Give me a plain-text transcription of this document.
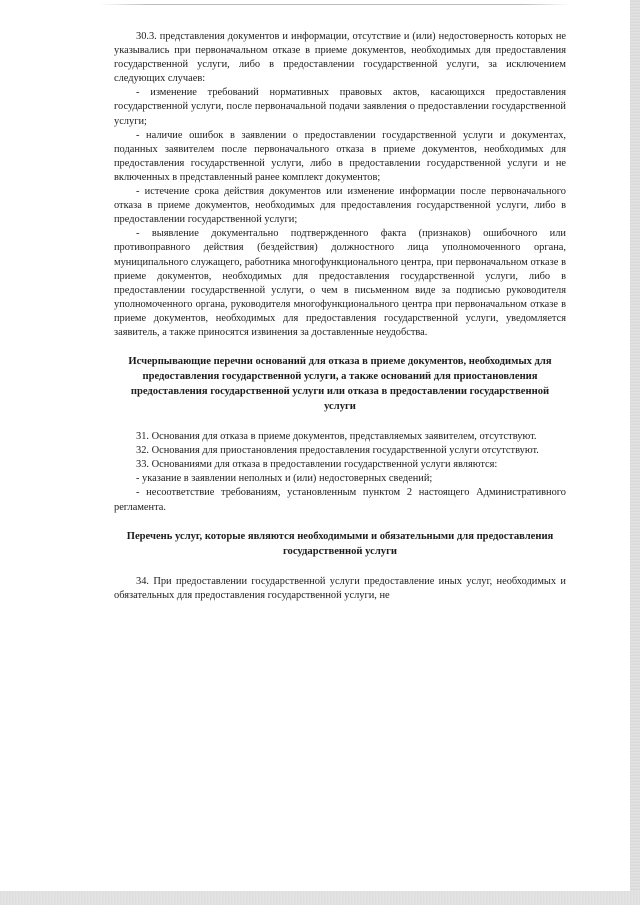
30.3. представления документов и информации, отсутствие и (или) недостоверность которых не указывались при первоначальном отказе в приеме документов, необходимых для предоставления государственной услуги, либо в предоставлении государственной услуги, за исключением следующих случаев:

- изменение требований нормативных правовых актов, касающихся предоставления государственной услуги, после первоначальной подачи заявления о предоставлении государственной услуги;

- наличие ошибок в заявлении о предоставлении государственной услуги и документах, поданных заявителем после первоначального отказа в приеме документов, необходимых для предоставления государственной услуги, либо в предоставлении государственной услуги и не включенных в представленный ранее комплект документов;

- истечение срока действия документов или изменение информации после первоначального отказа в приеме документов, необходимых для предоставления государственной услуги, либо в предоставлении государственной услуги;

- выявление документально подтвержденного факта (признаков) ошибочного или противоправного действия (бездействия) должностного лица уполномоченного органа, муниципального служащего, работника многофункционального центра, при первоначальном отказе в приеме документов, необходимых для предоставления государственной услуги, либо в предоставлении государственной услуги, о чем в письменном виде за подписью руководителя уполномоченного органа, руководителя многофункционального центра при первоначальном отказе в приеме документов, необходимых для предоставления государственной услуги, уведомляется заявитель, а также приносятся извинения за доставленные неудобства.

Исчерпывающие перечни оснований для отказа в приеме документов, необходимых для предоставления государственной услуги, а также оснований для приостановления предоставления государственной услуги или отказа в предоставлении государственной услуги

31. Основания для отказа в приеме документов, представляемых заявителем, отсутствуют.

32. Основания для приостановления предоставления государственной услуги отсутствуют.

33. Основаниями для отказа в предоставлении государственной услуги являются:

- указание в заявлении неполных и (или) недостоверных сведений;

- несоответствие требованиям, установленным пунктом 2 настоящего Административного регламента.

Перечень услуг, которые являются необходимыми и обязательными для предоставления государственной услуги

34. При предоставлении государственной услуги предоставление иных услуг, необходимых и обязательных для предоставления государственной услуги, не
